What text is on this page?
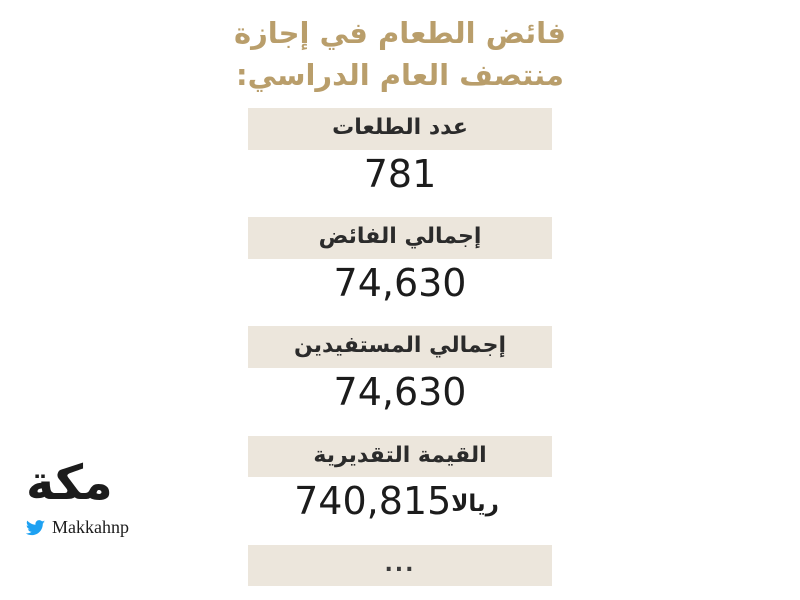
فائض الطعام في إجازة
منتصف العام الدراسي:
عدد الطلعات
781
إجمالي الفائض
74,630
إجمالي المستفيدين
74,630
القيمة التقديرية
ريالا740,815
...
مكة
Makkahnp
